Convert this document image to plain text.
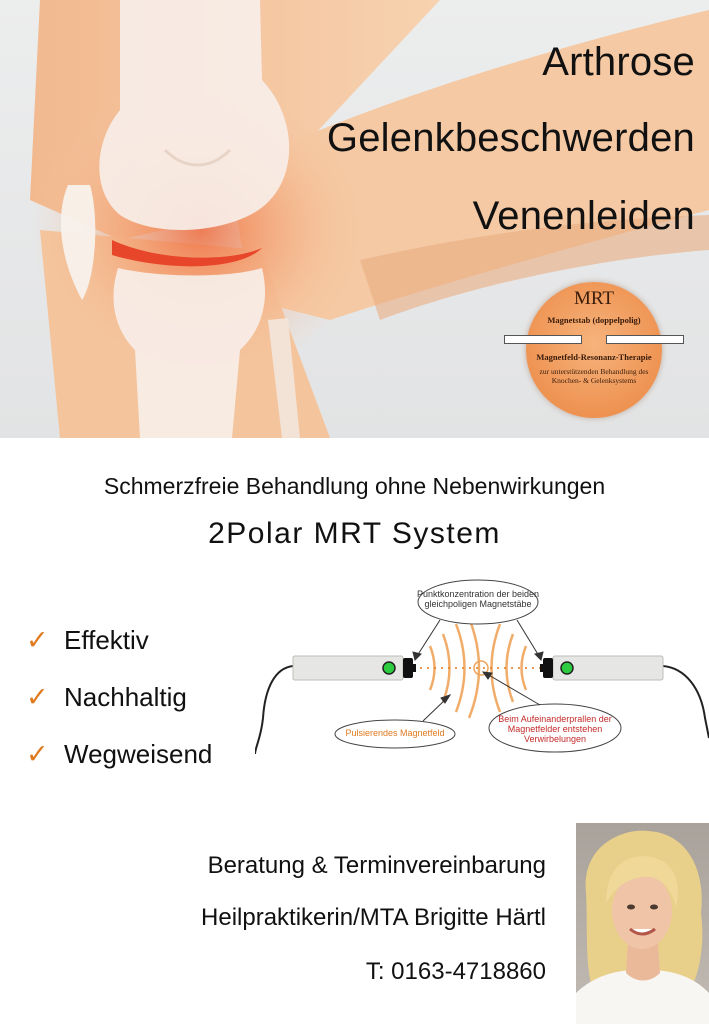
Arthrose
Gelenkbeschwerden
Venenleiden
MRT
Magnetstab (doppelpolig)
Magnetfeld-Resonanz-Therapie
zur unterstützenden Behandlung des Knochen- & Gelenksystems
Schmerzfreie Behandlung ohne Nebenwirkungen
2Polar MRT System
✓ Effektiv
✓ Nachhaltig
✓ Wegweisend
Punktkonzentration der beiden gleichpoligen Magnetstäbe
Pulsierendes Magnetfeld
Beim Aufeinanderprallen der Magnetfelder entstehen Verwirbelungen

Beratung & Terminvereinbarung

Heilpraktikerin/MTA Brigitte Härtl

T: 0163-4718860
